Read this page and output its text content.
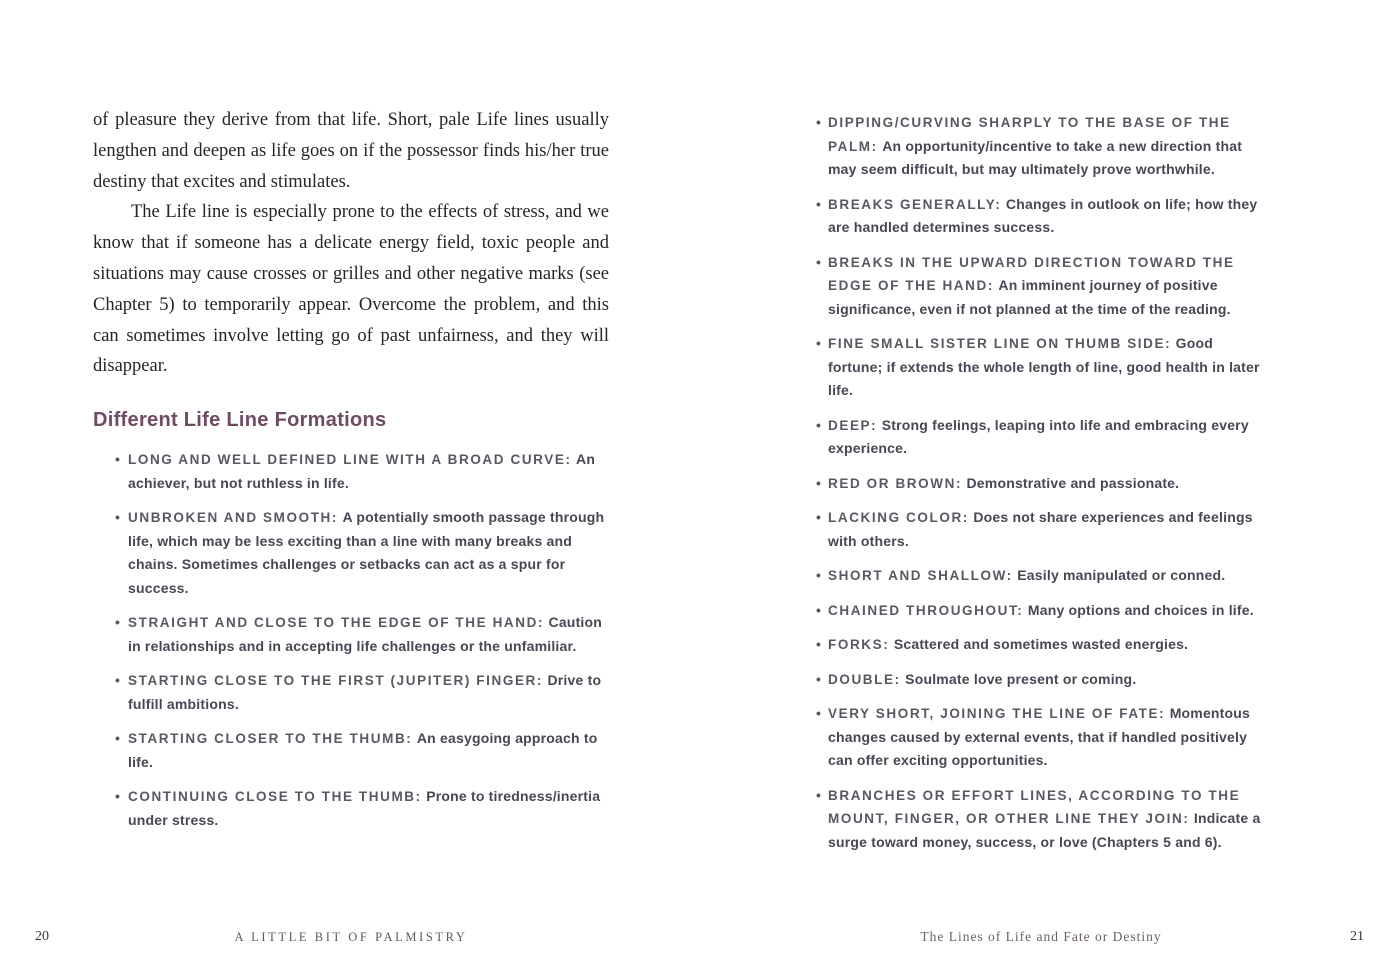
of pleasure they derive from that life. Short, pale Life lines usually lengthen and deepen as life goes on if the possessor finds his/her true destiny that excites and stimulates.

The Life line is especially prone to the effects of stress, and we know that if someone has a delicate energy field, toxic people and situations may cause crosses or grilles and other negative marks (see Chapter 5) to temporarily appear. Overcome the problem, and this can sometimes involve letting go of past unfairness, and they will disappear.

Different Life Line Formations
• LONG AND WELL DEFINED LINE WITH A BROAD CURVE: An achiever, but not ruthless in life.
• UNBROKEN AND SMOOTH: A potentially smooth passage through life, which may be less exciting than a line with many breaks and chains. Sometimes challenges or setbacks can act as a spur for success.
• STRAIGHT AND CLOSE TO THE EDGE OF THE HAND: Caution in relationships and in accepting life challenges or the unfamiliar.
• STARTING CLOSE TO THE FIRST (JUPITER) FINGER: Drive to fulfill ambitions.
• STARTING CLOSER TO THE THUMB: An easygoing approach to life.
• CONTINUING CLOSE TO THE THUMB: Prone to tiredness/inertia under stress.
• DIPPING/CURVING SHARPLY TO THE BASE OF THE PALM: An opportunity/incentive to take a new direction that may seem difficult, but may ultimately prove worthwhile.
• BREAKS GENERALLY: Changes in outlook on life; how they are handled determines success.
• BREAKS IN THE UPWARD DIRECTION TOWARD THE EDGE OF THE HAND: An imminent journey of positive significance, even if not planned at the time of the reading.
• FINE SMALL SISTER LINE ON THUMB SIDE: Good fortune; if extends the whole length of line, good health in later life.
• DEEP: Strong feelings, leaping into life and embracing every experience.
• RED OR BROWN: Demonstrative and passionate.
• LACKING COLOR: Does not share experiences and feelings with others.
• SHORT AND SHALLOW: Easily manipulated or conned.
• CHAINED THROUGHOUT: Many options and choices in life.
• FORKS: Scattered and sometimes wasted energies.
• DOUBLE: Soulmate love present or coming.
• VERY SHORT, JOINING THE LINE OF FATE: Momentous changes caused by external events, that if handled positively can offer exciting opportunities.
• BRANCHES OR EFFORT LINES, ACCORDING TO THE MOUNT, FINGER, OR OTHER LINE THEY JOIN: Indicate a surge toward money, success, or love (Chapters 5 and 6).
20	A LITTLE BIT OF PALMISTRY	The Lines of Life and Fate or Destiny	21
